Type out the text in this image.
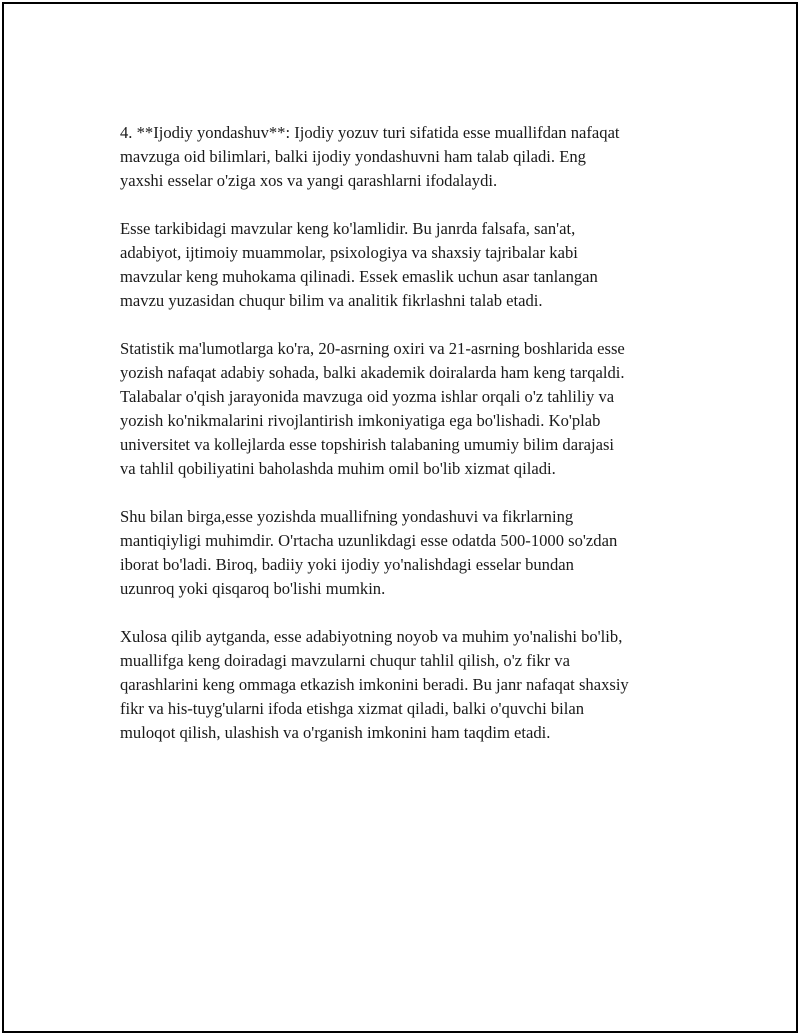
4. **Ijodiy yondashuv**: Ijodiy yozuv turi sifatida esse muallifdan nafaqat
mavzuga oid bilimlari, balki ijodiy yondashuvni ham talab qiladi. Eng
yaxshi esselar o'ziga xos va yangi qarashlarni ifodalaydi.

Esse tarkibidagi mavzular keng ko'lamlidir. Bu janrda falsafa, san'at,
adabiyot, ijtimoiy muammolar, psixologiya va shaxsiy tajribalar kabi
mavzular keng muhokama qilinadi. Essek emaslik uchun asar tanlangan
mavzu yuzasidan chuqur bilim va analitik fikrlashni talab etadi.

Statistik ma'lumotlarga ko'ra, 20-asrning oxiri va 21-asrning boshlarida esse
yozish nafaqat adabiy sohada, balki akademik doiralarda ham keng tarqaldi.
Talabalar o'qish jarayonida mavzuga oid yozma ishlar orqali o'z tahliliy va
yozish ko'nikmalarini rivojlantirish imkoniyatiga ega bo'lishadi. Ko'plab
universitet va kollejlarda esse topshirish talabaning umumiy bilim darajasi
va tahlil qobiliyatini baholashda muhim omil bo'lib xizmat qiladi.

Shu bilan birga,esse yozishda muallifning yondashuvi va fikrlarning
mantiqiyligi muhimdir. O'rtacha uzunlikdagi esse odatda 500-1000 so'zdan
iborat bo'ladi. Biroq, badiiy yoki ijodiy yo'nalishdagi esselar bundan
uzunroq yoki qisqaroq bo'lishi mumkin.

Xulosa qilib aytganda, esse adabiyotning noyob va muhim yo'nalishi bo'lib,
muallifga keng doiradagi mavzularni chuqur tahlil qilish, o'z fikr va
qarashlarini keng ommaga etkazish imkonini beradi. Bu janr nafaqat shaxsiy
fikr va his-tuyg'ularni ifoda etishga xizmat qiladi, balki o'quvchi bilan
muloqot qilish, ulashish va o'rganish imkonini ham taqdim etadi.
